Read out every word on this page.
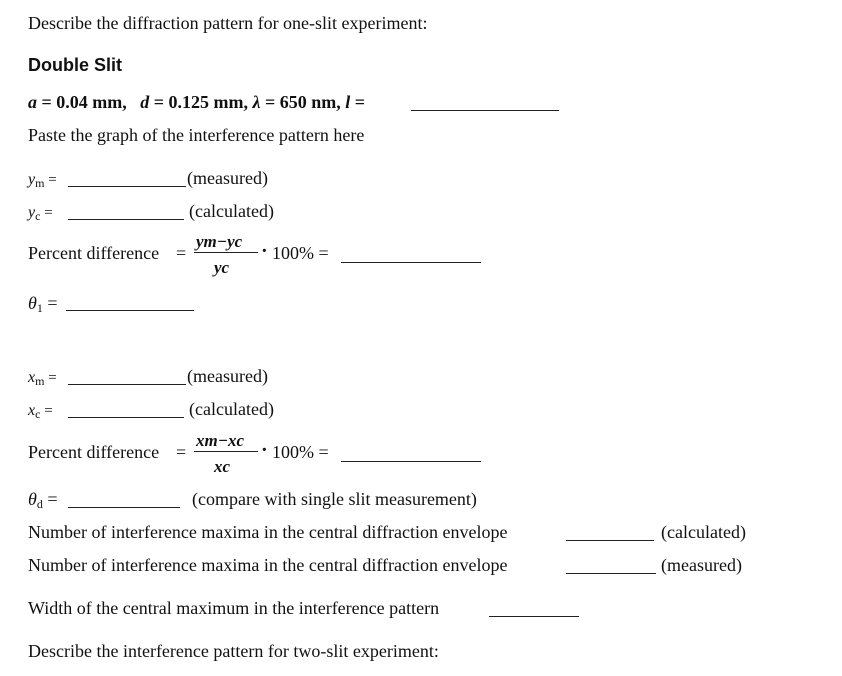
Describe the diffraction pattern for one-slit experiment:
Double Slit
a = 0.04 mm, d = 0.125 mm, λ = 650 nm, l =
Paste the graph of the interference pattern here
$y_m$ =	(measured)
$y_c$ =	(calculated)
Percent difference =
ym−yc
yc
· 100% =
$\theta_1$ =
$x_m$ =	(measured)
$x_c$ =	(calculated)
Percent difference =
xm−xc
xc
· 100% =
$\theta_d$ =	(compare with single slit measurement)
Number of interference maxima in the central diffraction envelope	(calculated)
Number of interference maxima in the central diffraction envelope	(measured)
Width of the central maximum in the interference pattern
Describe the interference pattern for two-slit experiment:
